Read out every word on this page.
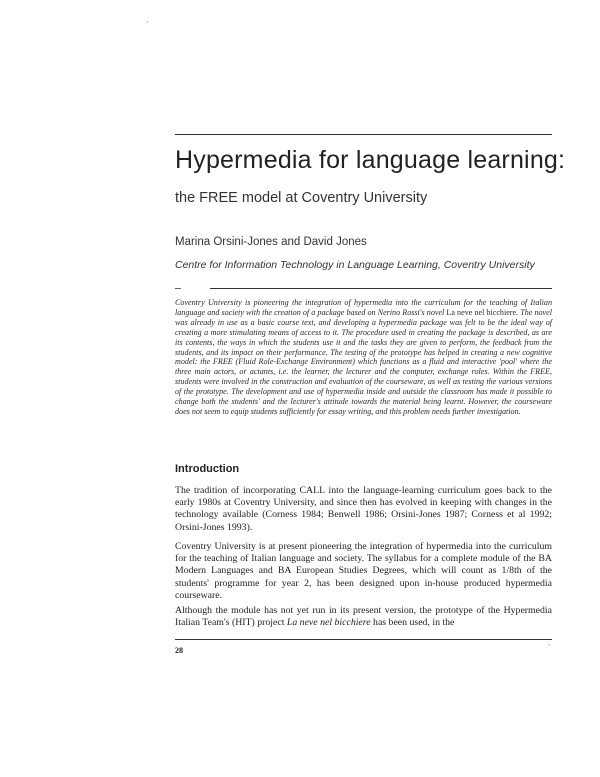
·
Hypermedia for language learning:
the FREE model at Coventry University
Marina Orsini-Jones and David Jones
Centre for Information Technology in Language Learning, Coventry University
Coventry University is pioneering the integration of hypermedia into the curriculum for the teaching of Italian language and society with the creation of a package based on Nerino Rossi's novel La neve nel bicchiere. The novel was already in use as a basic course text, and developing a hypermedia package was felt to be the ideal way of creating a more stimulating means of access to it. The procedure used in creating the package is described, as are its contents, the ways in which the students use it and the tasks they are given to perform, the feedback from the students, and its impact on their performance. The testing of the prototype has helped in creating a new cognitive model: the FREE (Fluid Role-Exchange Environment) which functions as a fluid and interactive 'pool' where the three main actors, or actants, i.e. the learner, the lecturer and the computer, exchange roles. Within the FREE, students were involved in the construction and evaluation of the courseware, as well as testing the various versions of the prototype. The development and use of hypermedia inside and outside the classroom has made it possible to change both the students' and the lecturer's attitude towards the material being learnt. However, the courseware does not seem to equip students sufficiently for essay writing, and this problem needs further investigation.
Introduction
The tradition of incorporating CALL into the language-learning curriculum goes back to the early 1980s at Coventry University, and since then has evolved in keeping with changes in the technology available (Corness 1984; Benwell 1986; Orsini-Jones 1987; Corness et al 1992; Orsini-Jones 1993).
Coventry University is at present pioneering the integration of hypermedia into the curriculum for the teaching of Italian language and society. The syllabus for a complete module of the BA Modern Languages and BA European Studies Degrees, which will count as 1/8th of the students' programme for year 2, has been designed upon in-house produced hypermedia courseware.
Although the module has not yet run in its present version, the prototype of the Hypermedia Italian Team's (HIT) project La neve nel bicchiere has been used, in the
28	`
